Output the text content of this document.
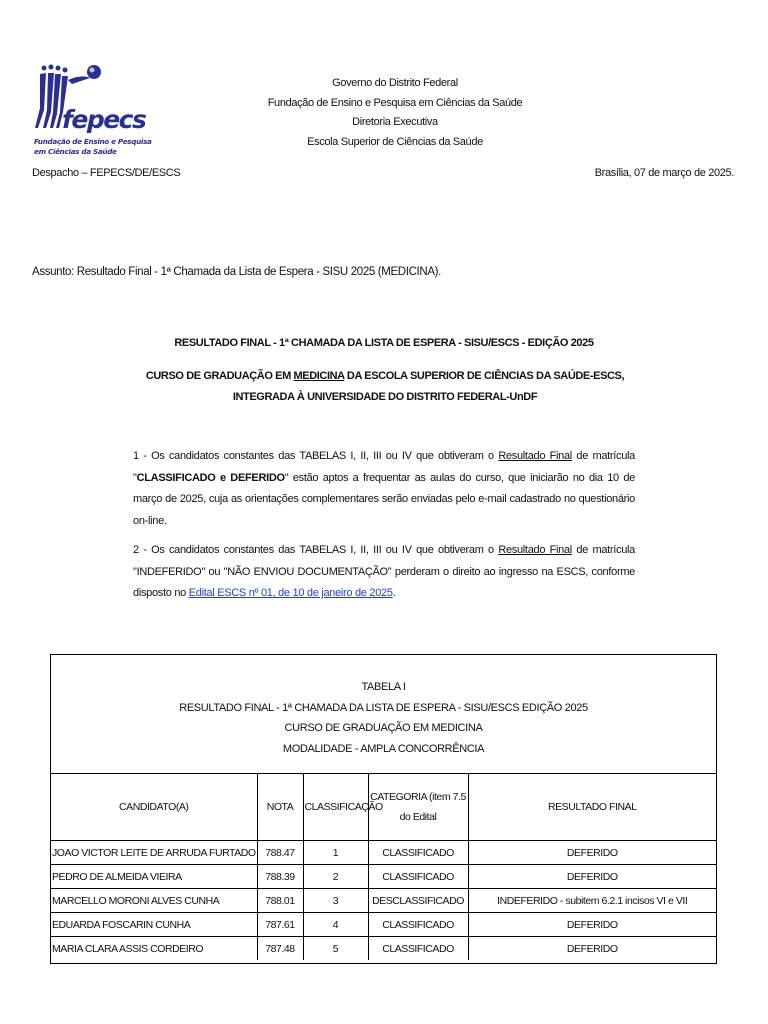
fepecs
Fundação de Ensino e Pesquisa
em Ciências da Saúde
Governo do Distrito Federal
Fundação de Ensino e Pesquisa em Ciências da Saúde
Diretoria Executiva
Escola Superior de Ciências da Saúde
Despacho – FEPECS/DE/ESCS	Brasília, 07 de março de 2025.
Assunto: Resultado Final - 1ª Chamada da Lista de Espera - SISU 2025 (MEDICINA).
RESULTADO FINAL - 1ª CHAMADA DA LISTA DE ESPERA - SISU/ESCS - EDIÇÃO 2025
CURSO DE GRADUAÇÃO EM MEDICINA DA ESCOLA SUPERIOR DE CIÊNCIAS DA SAÚDE-ESCS, INTEGRADA À UNIVERSIDADE DO DISTRITO FEDERAL-UnDF
1 - Os candidatos constantes das TABELAS I, II, III ou IV que obtiveram o Resultado Final de matrícula "CLASSIFICADO e DEFERIDO" estão aptos a frequentar as aulas do curso, que iniciarão no dia 10 de março de 2025, cuja as orientações complementares serão enviadas pelo e-mail cadastrado no questionário on-line.
2 - Os candidatos constantes das TABELAS I, II, III ou IV que obtiveram o Resultado Final de matrícula "INDEFERIDO" ou "NÃO ENVIOU DOCUMENTAÇÃO" perderam o direito ao ingresso na ESCS, conforme disposto no Edital ESCS nº 01, de 10 de janeiro de 2025.
TABELA I
RESULTADO FINAL - 1ª CHAMADA DA LISTA DE ESPERA - SISU/ESCS EDIÇÃO 2025
CURSO DE GRADUAÇÃO EM MEDICINA
MODALIDADE - AMPLA CONCORRÊNCIA
CANDIDATO(A)	NOTA	CLASSIFICAÇÃO	CATEGORIA (item 7.5 do Edital	RESULTADO FINAL
JOAO VICTOR LEITE DE ARRUDA FURTADO	788.47	1	CLASSIFICADO	DEFERIDO
PEDRO DE ALMEIDA VIEIRA	788.39	2	CLASSIFICADO	DEFERIDO
MARCELLO MORONI ALVES CUNHA	788.01	3	DESCLASSIFICADO	INDEFERIDO - subitem 6.2.1 incisos VI e VII
EDUARDA FOSCARIN CUNHA	787.61	4	CLASSIFICADO	DEFERIDO
MARIA CLARA ASSIS CORDEIRO	787.48	5	CLASSIFICADO	DEFERIDO
